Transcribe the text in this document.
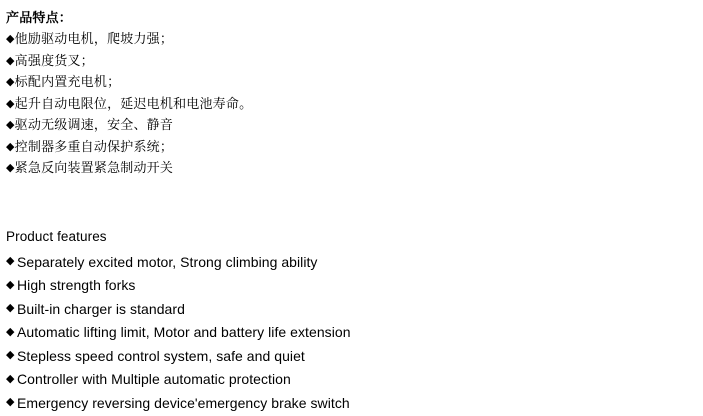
产品特点：
◆他励驱动电机，爬坡力强；
◆高强度货叉；
◆标配内置充电机；
◆起升自动电限位，延迟电机和电池寿命。
◆驱动无级调速，安全、静音
◆控制器多重自动保护系统；
◆紧急反向装置紧急制动开关
Product features
◆ Separately excited motor, Strong climbing ability
◆ High strength forks
◆ Built-in charger is standard
◆ Automatic lifting limit, Motor and battery life extension
◆ Stepless speed control system, safe and quiet
◆ Controller with Multiple automatic protection
◆ Emergency reversing device'emergency brake switch
